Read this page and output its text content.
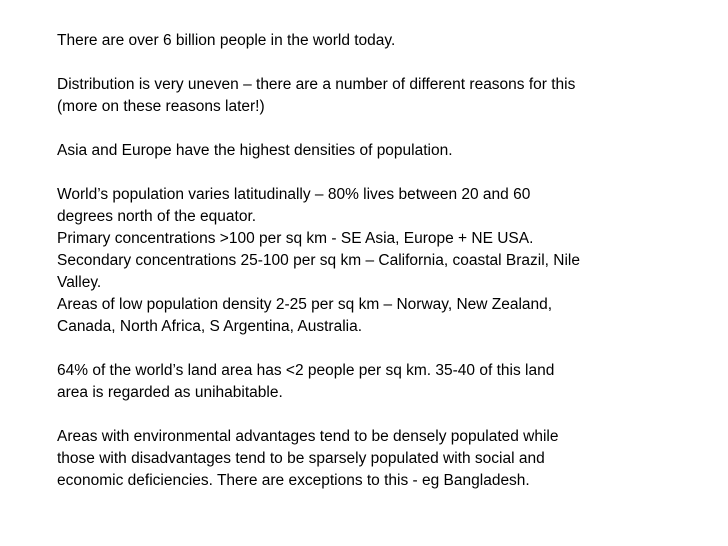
There are over 6 billion people in the world today.
Distribution is very uneven – there are a number of different reasons for this
(more on these reasons later!)
Asia and Europe have the highest densities of population.
World’s population varies latitudinally – 80% lives between 20 and 60
degrees north of the equator.
Primary concentrations >100 per sq km - SE Asia, Europe + NE USA.
Secondary concentrations 25-100 per sq km – California, coastal Brazil, Nile
Valley.
Areas of low population density 2-25 per sq km – Norway, New Zealand,
Canada, North Africa, S Argentina, Australia.
64% of the world’s land area has <2 people per sq km. 35-40 of this land
area is regarded as unihabitable.
Areas with environmental advantages tend to be densely populated while
those with disadvantages tend to be sparsely populated with social and
economic deficiencies. There are exceptions to this - eg Bangladesh.
